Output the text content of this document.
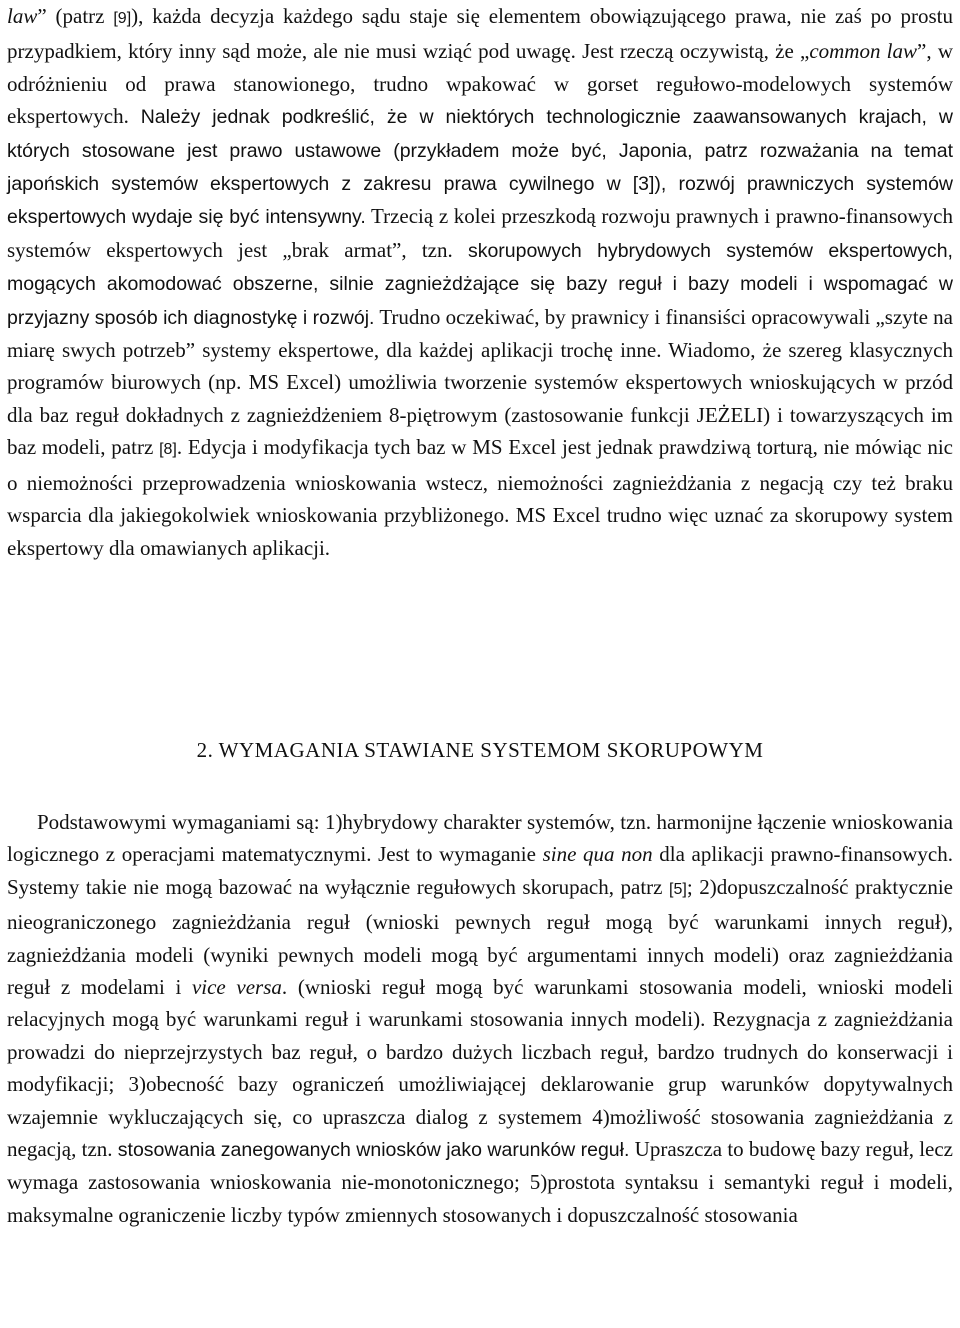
law” (patrz [9]), każda decyzja każdego sądu staje się elementem obowiązującego prawa, nie zaś po prostu przypadkiem, który inny sąd może, ale nie musi wziąć pod uwagę. Jest rzeczą oczywistą, że „common law”, w odróżnieniu od prawa stanowionego, trudno wpakować w gorset regułowo-modelowych systemów ekspertowych. Należy jednak podkreślić, że w niektórych technologicznie zaawansowanych krajach, w których stosowane jest prawo ustawowe (przykładem może być, Japonia, patrz rozważania na temat japońskich systemów ekspertowych z zakresu prawa cywilnego w [3]), rozwój prawniczych systemów ekspertowych wydaje się być intensywny. Trzecią z kolei przeszkodą rozwoju prawnych i prawno-finansowych systemów ekspertowych jest „brak armat”, tzn. skorupowych hybrydowych systemów ekspertowych, mogących akomodować obszerne, silnie zagnieżdżające się bazy reguł i bazy modeli i wspomagać w przyjazny sposób ich diagnostykę i rozwój. Trudno oczekiwać, by prawnicy i finansiści opracowywali „szyte na miarę swych potrzeb” systemy ekspertowe, dla każdej aplikacji trochę inne. Wiadomo, że szereg klasycznych programów biurowych (np. MS Excel) umożliwia tworzenie systemów ekspertowych wnioskujących w przód dla baz reguł dokładnych z zagnieżdżeniem 8-piętrowym (zastosowanie funkcji JEŻELI) i towarzyszących im baz modeli, patrz [8]. Edycja i modyfikacja tych baz w MS Excel jest jednak prawdziwą torturą, nie mówiąc nic o niemożności przeprowadzenia wnioskowania wstecz, niemożności zagnieżdżania z negacją czy też braku wsparcia dla jakiegokolwiek wnioskowania przybliżonego. MS Excel trudno więc uznać za skorupowy system ekspertowy dla omawianych aplikacji.

2. WYMAGANIA STAWIANE SYSTEMOM SKORUPOWYM

Podstawowymi wymaganiami są: 1)hybrydowy charakter systemów, tzn. harmonijne łączenie wnioskowania logicznego z operacjami matematycznymi. Jest to wymaganie sine qua non dla aplikacji prawno-finansowych. Systemy takie nie mogą bazować na wyłącznie regułowych skorupach, patrz [5]; 2)dopuszczalność praktycznie nieograniczonego zagnieżdżania reguł (wnioski pewnych reguł mogą być warunkami innych reguł), zagnieżdżania modeli (wyniki pewnych modeli mogą być argumentami innych modeli) oraz zagnieżdżania reguł z modelami i vice versa. (wnioski reguł mogą być warunkami stosowania modeli, wnioski modeli relacyjnych mogą być warunkami reguł i warunkami stosowania innych modeli). Rezygnacja z zagnieżdżania prowadzi do nieprzejrzystych baz reguł, o bardzo dużych liczbach reguł, bardzo trudnych do konserwacji i modyfikacji; 3)obecność bazy ograniczeń umożliwiającej deklarowanie grup warunków dopytywalnych wzajemnie wykluczających się, co upraszcza dialog z systemem 4)możliwość stosowania zagnieżdżania z negacją, tzn. stosowania zanegowanych wniosków jako warunków reguł. Upraszcza to budowę bazy reguł, lecz wymaga zastosowania wnioskowania nie-monotonicznego; 5)prostota syntaksu i semantyki reguł i modeli, maksymalne ograniczenie liczby typów zmiennych stosowanych i dopuszczalność stosowania
